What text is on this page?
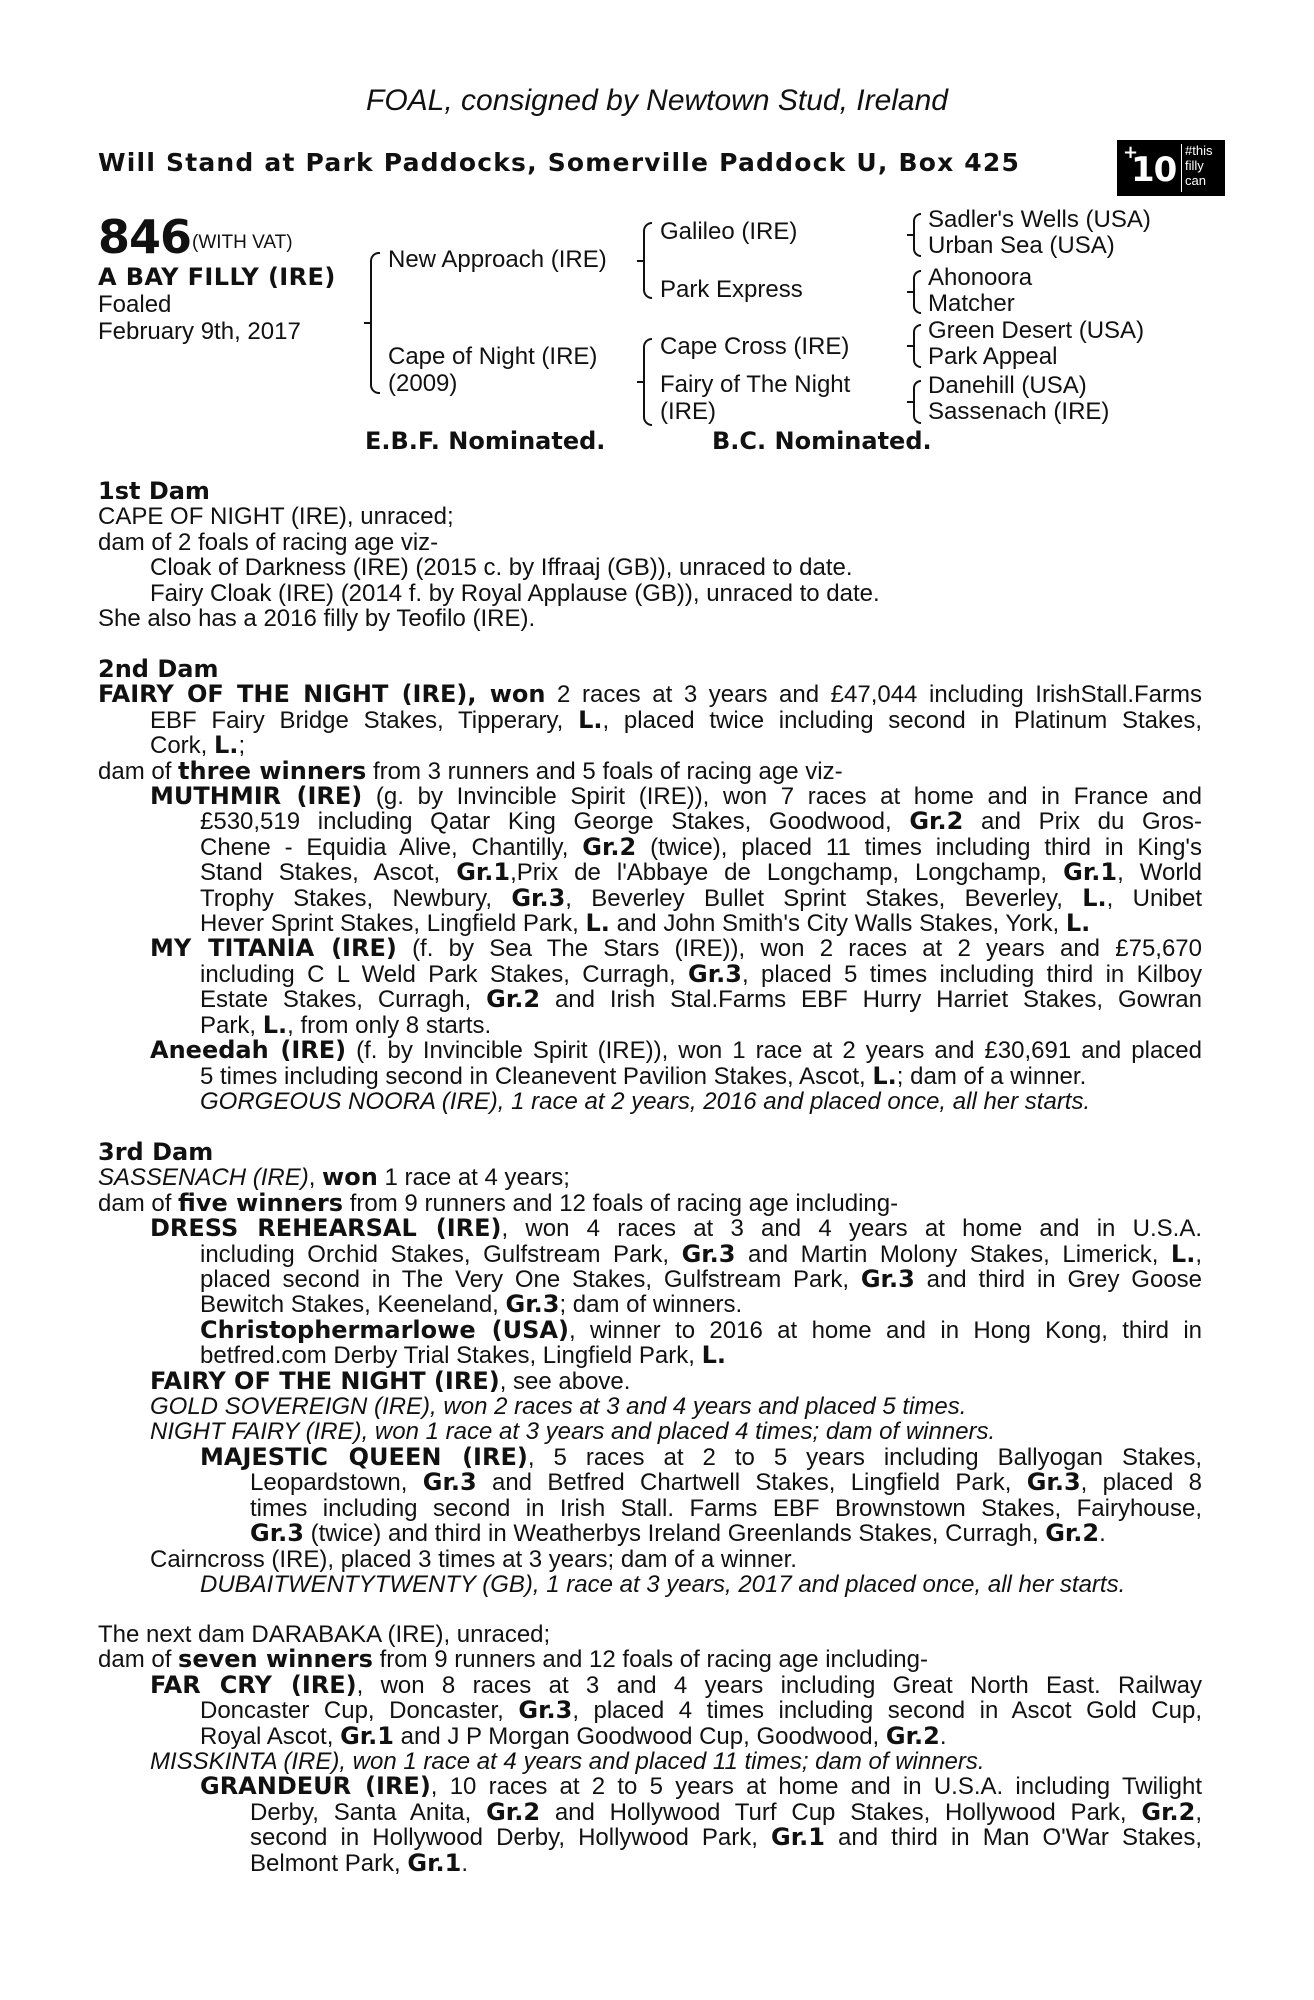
FOAL, consigned by Newtown Stud, Ireland
Will Stand at Park Paddocks, Somerville Paddock U, Box 425	+
10 #this
filly
can
846 (WITH VAT)
A BAY FILLY (IRE)
Foaled
February 9th, 2017
New Approach (IRE)
Cape of Night (IRE)
(2009)
Galileo (IRE)
Park Express
Cape Cross (IRE)
Fairy of The Night
(IRE)
Sadler's Wells (USA)
Urban Sea (USA)
Ahonoora
Matcher
Green Desert (USA)
Park Appeal
Danehill (USA)
Sassenach (IRE)
E.B.F. Nominated.	B.C. Nominated.
1st Dam
CAPE OF NIGHT (IRE), unraced;
dam of 2 foals of racing age viz-
Cloak of Darkness (IRE) (2015 c. by Iffraaj (GB)), unraced to date.
Fairy Cloak (IRE) (2014 f. by Royal Applause (GB)), unraced to date.
She also has a 2016 filly by Teofilo (IRE).
2nd Dam
FAIRY OF THE NIGHT (IRE), won 2 races at 3 years and £47,044 including IrishStall.Farms
EBF Fairy Bridge Stakes, Tipperary, L., placed twice including second in Platinum Stakes,
Cork, L.;
dam of three winners from 3 runners and 5 foals of racing age viz-
MUTHMIR (IRE) (g. by Invincible Spirit (IRE)), won 7 races at home and in France and
£530,519 including Qatar King George Stakes, Goodwood, Gr.2 and Prix du Gros-
Chene - Equidia Alive, Chantilly, Gr.2 (twice), placed 11 times including third in King's
Stand Stakes, Ascot, Gr.1,Prix de l'Abbaye de Longchamp, Longchamp, Gr.1, World
Trophy Stakes, Newbury, Gr.3, Beverley Bullet Sprint Stakes, Beverley, L., Unibet
Hever Sprint Stakes, Lingfield Park, L. and John Smith's City Walls Stakes, York, L.
MY TITANIA (IRE) (f. by Sea The Stars (IRE)), won 2 races at 2 years and £75,670
including C L Weld Park Stakes, Curragh, Gr.3, placed 5 times including third in Kilboy
Estate Stakes, Curragh, Gr.2 and Irish Stal.Farms EBF Hurry Harriet Stakes, Gowran
Park, L., from only 8 starts.
Aneedah (IRE) (f. by Invincible Spirit (IRE)), won 1 race at 2 years and £30,691 and placed
5 times including second in Cleanevent Pavilion Stakes, Ascot, L.; dam of a winner.
GORGEOUS NOORA (IRE), 1 race at 2 years, 2016 and placed once, all her starts.
3rd Dam
SASSENACH (IRE), won 1 race at 4 years;
dam of five winners from 9 runners and 12 foals of racing age including-
DRESS REHEARSAL (IRE), won 4 races at 3 and 4 years at home and in U.S.A.
including Orchid Stakes, Gulfstream Park, Gr.3 and Martin Molony Stakes, Limerick, L.,
placed second in The Very One Stakes, Gulfstream Park, Gr.3 and third in Grey Goose
Bewitch Stakes, Keeneland, Gr.3; dam of winners.
Christophermarlowe (USA), winner to 2016 at home and in Hong Kong, third in
betfred.com Derby Trial Stakes, Lingfield Park, L.
FAIRY OF THE NIGHT (IRE), see above.
GOLD SOVEREIGN (IRE), won 2 races at 3 and 4 years and placed 5 times.
NIGHT FAIRY (IRE), won 1 race at 3 years and placed 4 times; dam of winners.
MAJESTIC QUEEN (IRE), 5 races at 2 to 5 years including Ballyogan Stakes,
Leopardstown, Gr.3 and Betfred Chartwell Stakes, Lingfield Park, Gr.3, placed 8
times including second in Irish Stall. Farms EBF Brownstown Stakes, Fairyhouse,
Gr.3 (twice) and third in Weatherbys Ireland Greenlands Stakes, Curragh, Gr.2.
Cairncross (IRE), placed 3 times at 3 years; dam of a winner.
DUBAITWENTYTWENTY (GB), 1 race at 3 years, 2017 and placed once, all her starts.
The next dam DARABAKA (IRE), unraced;
dam of seven winners from 9 runners and 12 foals of racing age including-
FAR CRY (IRE), won 8 races at 3 and 4 years including Great North East. Railway
Doncaster Cup, Doncaster, Gr.3, placed 4 times including second in Ascot Gold Cup,
Royal Ascot, Gr.1 and J P Morgan Goodwood Cup, Goodwood, Gr.2.
MISSKINTA (IRE), won 1 race at 4 years and placed 11 times; dam of winners.
GRANDEUR (IRE), 10 races at 2 to 5 years at home and in U.S.A. including Twilight
Derby, Santa Anita, Gr.2 and Hollywood Turf Cup Stakes, Hollywood Park, Gr.2,
second in Hollywood Derby, Hollywood Park, Gr.1 and third in Man O'War Stakes,
Belmont Park, Gr.1.
